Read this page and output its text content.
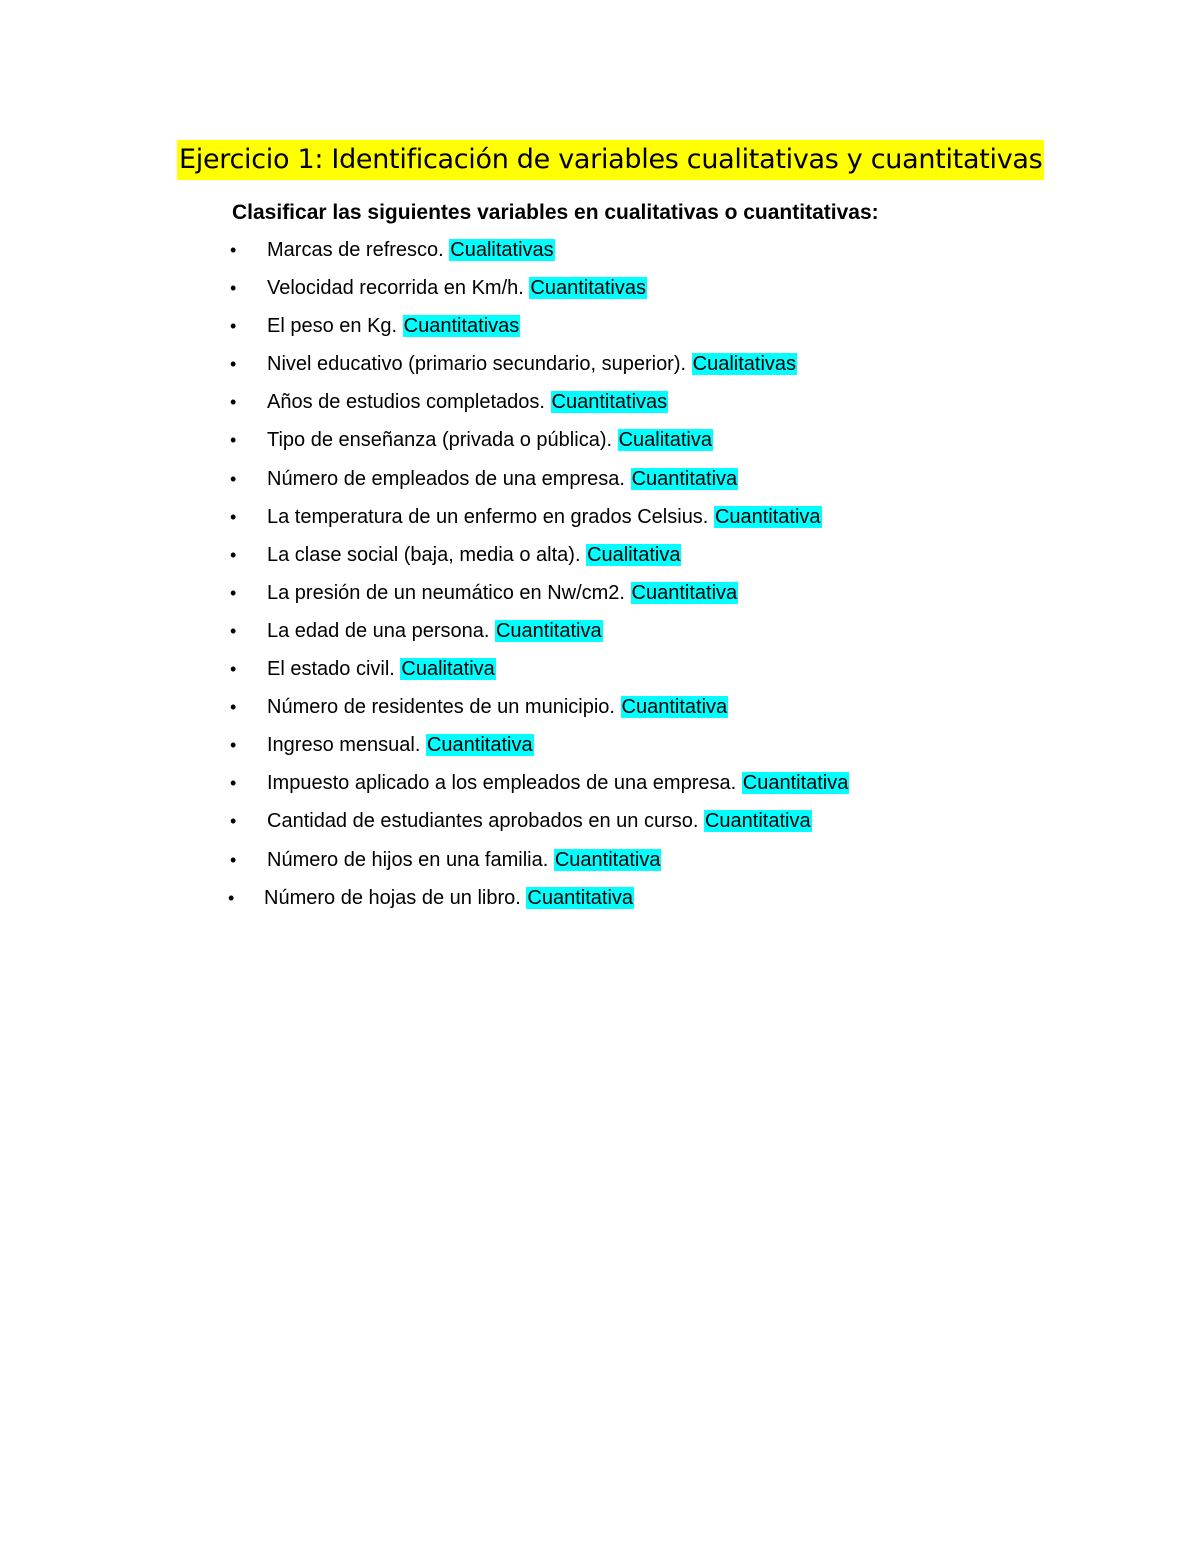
Ejercicio 1: Identificación de variables cualitativas y cuantitativas
Clasificar las siguientes variables en cualitativas o cuantitativas:
•	Marcas de refresco. Cualitativas
•	Velocidad recorrida en Km/h. Cuantitativas
•	El peso en Kg. Cuantitativas
•	Nivel educativo (primario secundario, superior). Cualitativas
•	Años de estudios completados. Cuantitativas
•	Tipo de enseñanza (privada o pública). Cualitativa
•	Número de empleados de una empresa. Cuantitativa
•	La temperatura de un enfermo en grados Celsius. Cuantitativa
•	La clase social (baja, media o alta). Cualitativa
•	La presión de un neumático en Nw/cm2. Cuantitativa
•	La edad de una persona. Cuantitativa
•	El estado civil. Cualitativa
•	Número de residentes de un municipio. Cuantitativa
•	Ingreso mensual. Cuantitativa
•	Impuesto aplicado a los empleados de una empresa. Cuantitativa
•	Cantidad de estudiantes aprobados en un curso. Cuantitativa
•	Número de hijos en una familia. Cuantitativa
•	Número de hojas de un libro. Cuantitativa
